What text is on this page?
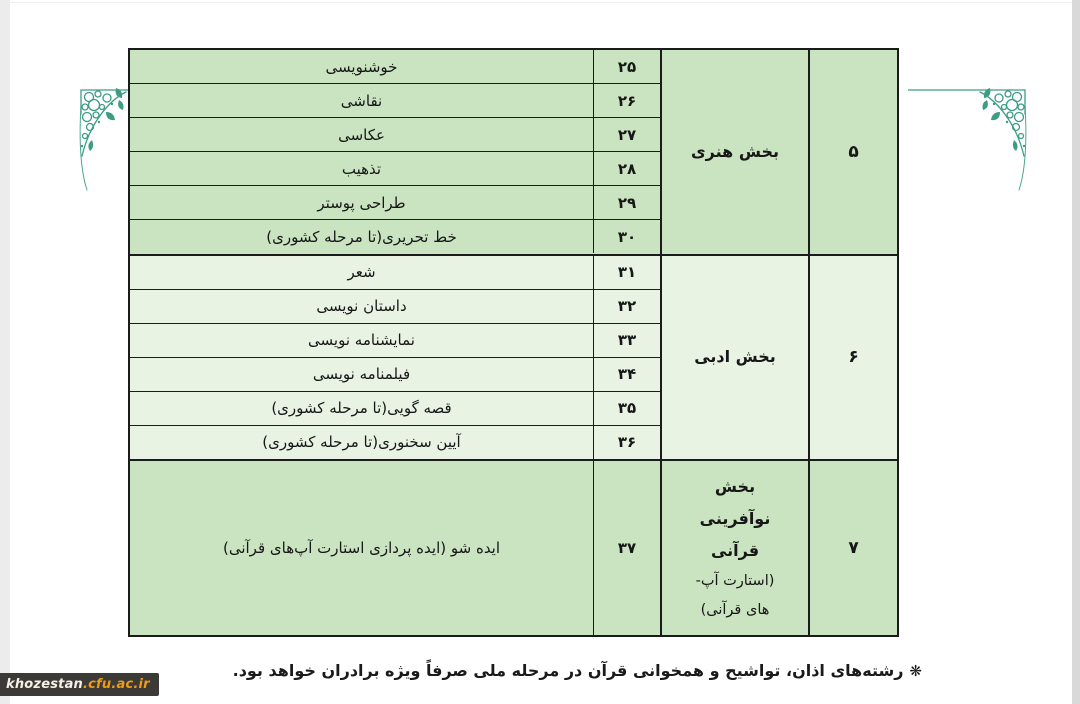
۵
بخش هنری
۲۵
خوشنویسی
۲۶
نقاشی
۲۷
عکاسی
۲۸
تذهیب
۲۹
طراحی پوستر
۳۰
خط تحریری(تا مرحله کشوری)
۶
بخش ادبی
۳۱
شعر
۳۲
داستان نویسی
۳۳
نمایشنامه نویسی
۳۴
فیلمنامه نویسی
۳۵
قصه گویی(تا مرحله کشوری)
۳۶
آیین سخنوری(تا مرحله کشوری)
۷
بخش
نوآفرینی
قرآنی
(استارت آپ-
های قرآنی)
۳۷
ایده شو (ایده پردازی استارت آپ‌های قرآنی)
❋رشته‌های اذان، تواشیح و همخوانی قرآن در مرحله ملی صرفاً ویژه برادران خواهد بود.
khozestan .cfu.ac.ir
